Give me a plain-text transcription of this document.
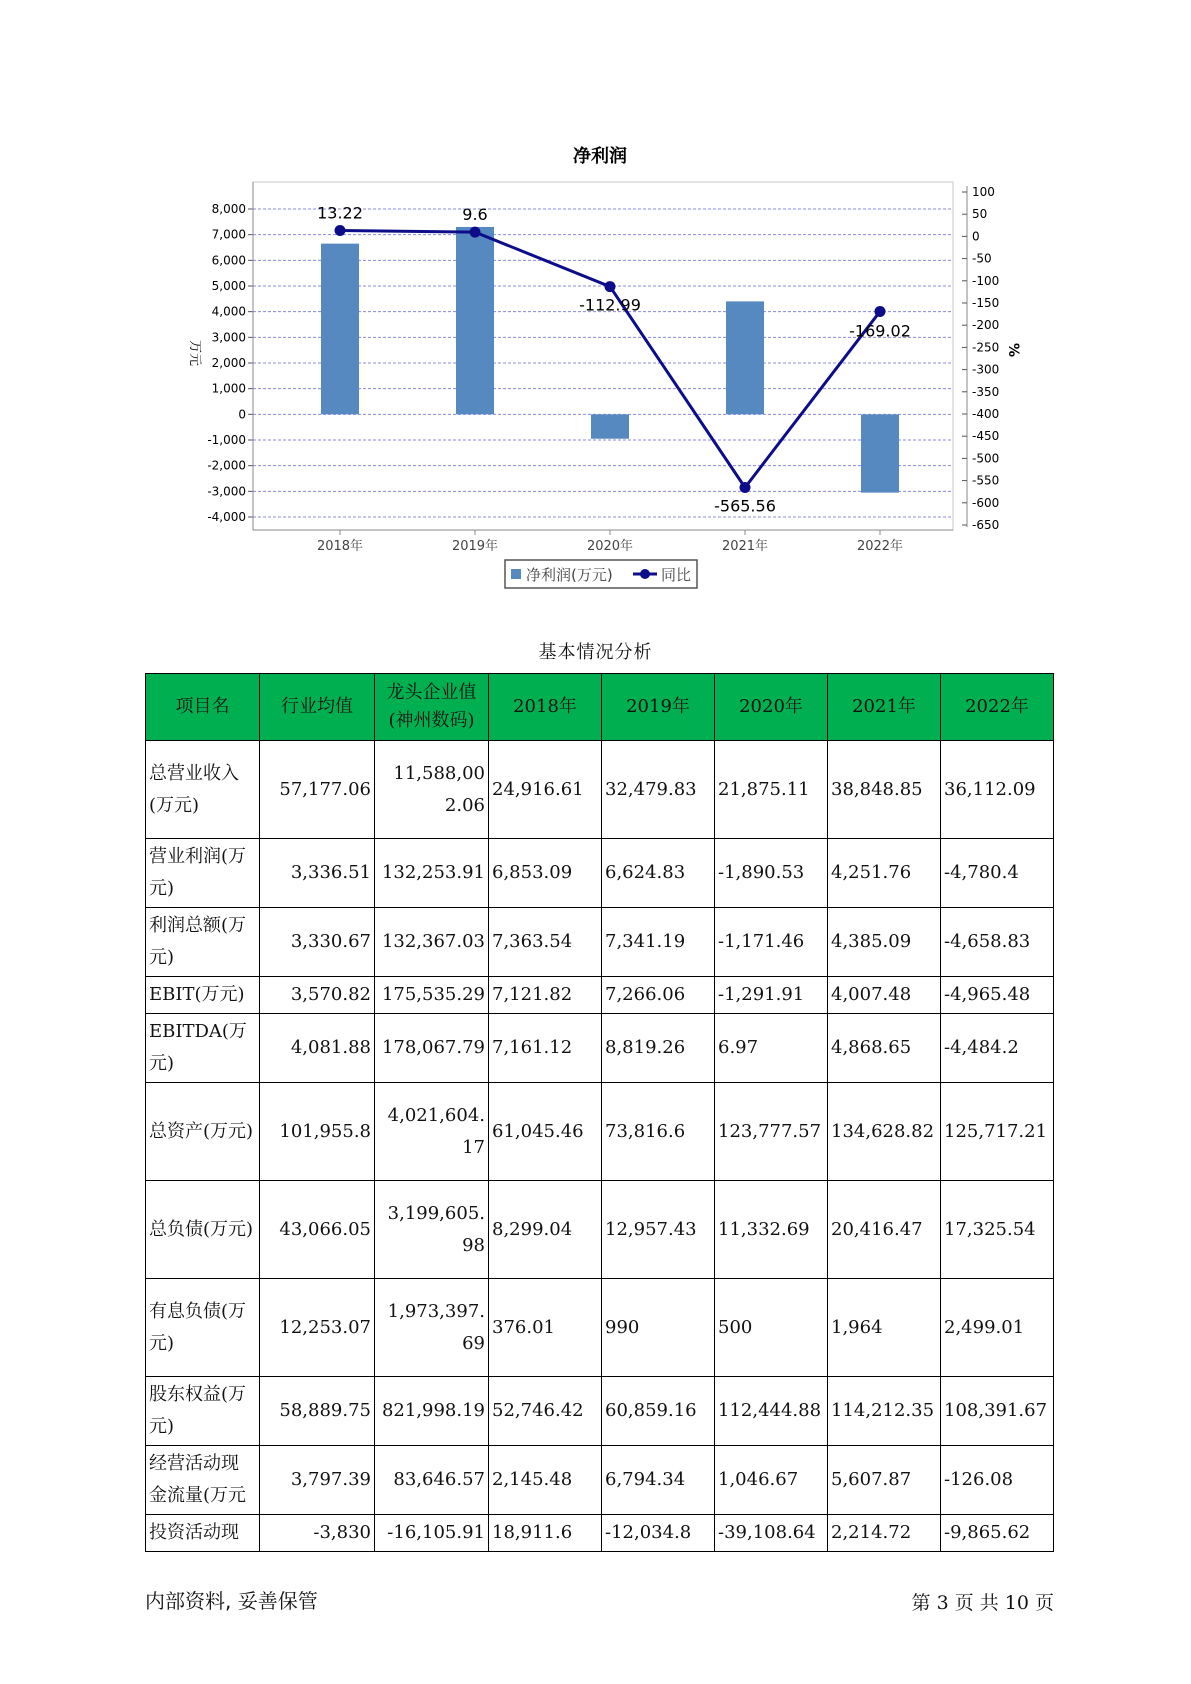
净利润
8,000
7,000
6,000
5,000
4,000
3,000
2,000
1,000
0
-1,000
-2,000
-3,000
-4,000
100
50
0
-50
-100
-150
-200
-250
-300
-350
-400
-450
-500
-550
-600
-650
13.22	9.6
-112.99
-565.56
-169.02
2018年	2019年	2020年	2021年	2022年
万元	%
净利润(万元)	同比
基本情况分析
项目名	行业均值	龙头企业值(神州数码)	2018年	2019年	2020年	2021年	2022年
总营业收入(万元)	57,177.06	11,588,002.06	24,916.61	32,479.83	21,875.11	38,848.85	36,112.09
营业利润(万元)	3,336.51	132,253.91	6,853.09	6,624.83	-1,890.53	4,251.76	-4,780.4
利润总额(万元)	3,330.67	132,367.03	7,363.54	7,341.19	-1,171.46	4,385.09	-4,658.83
EBIT(万元)	3,570.82	175,535.29	7,121.82	7,266.06	-1,291.91	4,007.48	-4,965.48
EBITDA(万元)	4,081.88	178,067.79	7,161.12	8,819.26	6.97	4,868.65	-4,484.2
总资产(万元)	101,955.8	4,021,604.17	61,045.46	73,816.6	123,777.57	134,628.82	125,717.21
总负债(万元)	43,066.05	3,199,605.98	8,299.04	12,957.43	11,332.69	20,416.47	17,325.54
有息负债(万元)	12,253.07	1,973,397.69	376.01	990	500	1,964	2,499.01
股东权益(万元)	58,889.75	821,998.19	52,746.42	60,859.16	112,444.88	114,212.35	108,391.67
经营活动现金流量(万元	3,797.39	83,646.57	2,145.48	6,794.34	1,046.67	5,607.87	-126.08
投资活动现	-3,830	-16,105.91	18,911.6	-12,034.8	-39,108.64	2,214.72	-9,865.62
内部资料, 妥善保管	第 3 页 共 10 页
